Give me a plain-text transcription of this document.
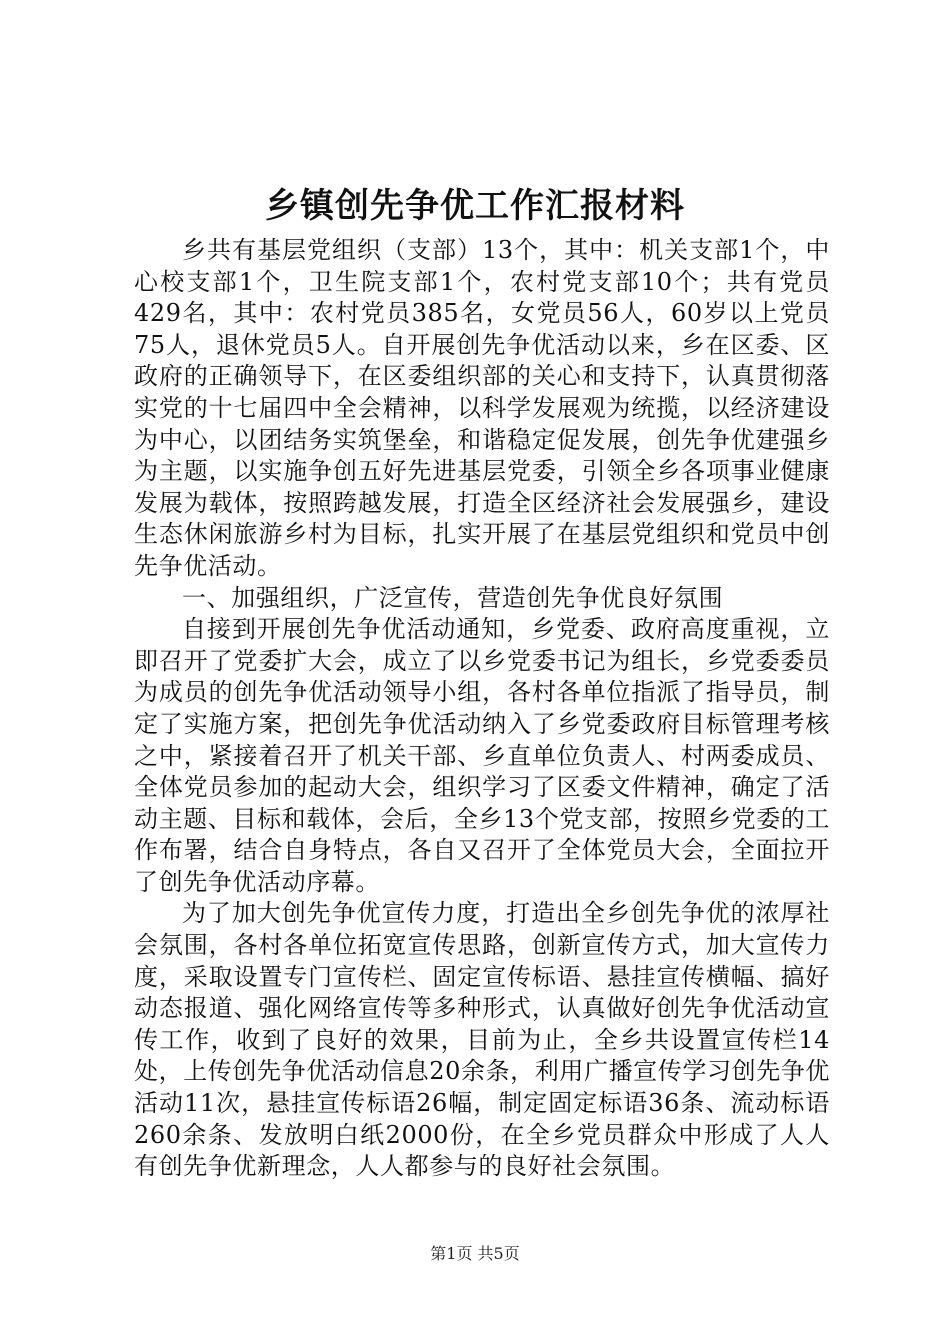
乡镇创先争优工作汇报材料

乡共有基层党组织（支部）13个，其中：机关支部1个，中心校支部1个，卫生院支部1个，农村党支部10个；共有党员429名，其中：农村党员385名，女党员56人，60岁以上党员75人，退休党员5人。自开展创先争优活动以来，乡在区委、区政府的正确领导下，在区委组织部的关心和支持下，认真贯彻落实党的十七届四中全会精神，以科学发展观为统揽，以经济建设为中心，以团结务实筑堡垒，和谐稳定促发展，创先争优建强乡为主题，以实施争创五好先进基层党委，引领全乡各项事业健康发展为载体，按照跨越发展，打造全区经济社会发展强乡，建设生态休闲旅游乡村为目标，扎实开展了在基层党组织和党员中创先争优活动。

一、加强组织，广泛宣传，营造创先争优良好氛围

自接到开展创先争优活动通知，乡党委、政府高度重视，立即召开了党委扩大会，成立了以乡党委书记为组长，乡党委委员为成员的创先争优活动领导小组，各村各单位指派了指导员，制定了实施方案，把创先争优活动纳入了乡党委政府目标管理考核之中，紧接着召开了机关干部、乡直单位负责人、村两委成员、全体党员参加的起动大会，组织学习了区委文件精神，确定了活动主题、目标和载体，会后，全乡13个党支部，按照乡党委的工作布署，结合自身特点，各自又召开了全体党员大会，全面拉开了创先争优活动序幕。

为了加大创先争优宣传力度，打造出全乡创先争优的浓厚社会氛围，各村各单位拓宽宣传思路，创新宣传方式，加大宣传力度，采取设置专门宣传栏、固定宣传标语、悬挂宣传横幅、搞好动态报道、强化网络宣传等多种形式，认真做好创先争优活动宣传工作，收到了良好的效果，目前为止，全乡共设置宣传栏14处，上传创先争优活动信息20余条，利用广播宣传学习创先争优活动11次，悬挂宣传标语26幅，制定固定标语36条、流动标语260余条、发放明白纸2000份，在全乡党员群众中形成了人人有创先争优新理念，人人都参与的良好社会氛围。

第1页 共5页
